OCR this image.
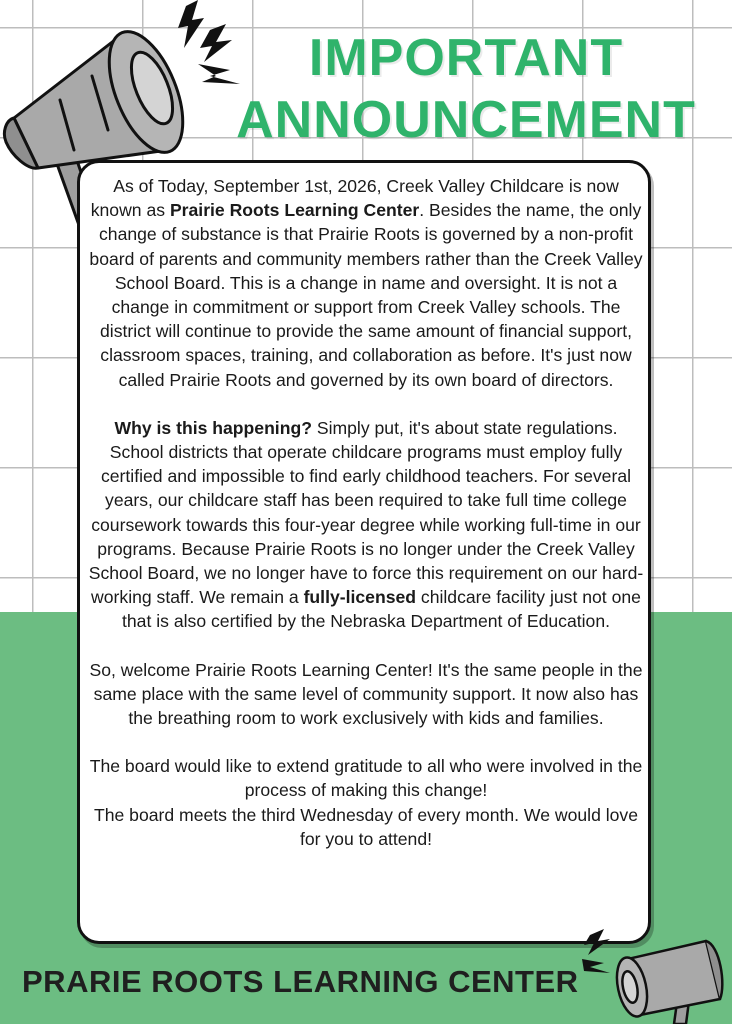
IMPORTANT
ANNOUNCEMENT

As of Today, September 1st, 2026, Creek Valley Childcare is now known as Prairie Roots Learning Center. Besides the name, the only change of substance is that Prairie Roots is governed by a non-profit board of parents and community members rather than the Creek Valley School Board. This is a change in name and oversight. It is not a change in commitment or support from Creek Valley schools. The district will continue to provide the same amount of financial support, classroom spaces, training, and collaboration as before. It's just now called Prairie Roots and governed by its own board of directors.

Why is this happening? Simply put, it's about state regulations. School districts that operate childcare programs must employ fully certified and impossible to find early childhood teachers. For several years, our childcare staff has been required to take full time college coursework towards this four-year degree while working full-time in our programs. Because Prairie Roots is no longer under the Creek Valley School Board, we no longer have to force this requirement on our hard-working staff. We remain a fully-licensed childcare facility just not one that is also certified by the Nebraska Department of Education.

So, welcome Prairie Roots Learning Center! It's the same people in the same place with the same level of community support. It now also has the breathing room to work exclusively with kids and families.

The board would like to extend gratitude to all who were involved in the process of making this change!

The board meets the third Wednesday of every month. We would love for you to attend!

PRARIE ROOTS LEARNING CENTER
